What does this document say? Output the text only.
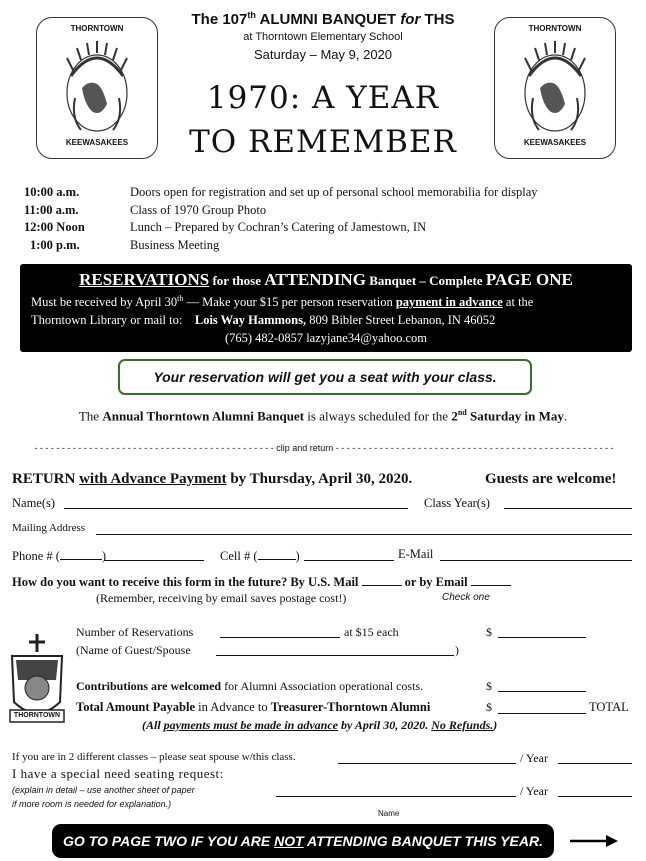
THORNTOWN
KEEWASAKEES
THORNTOWN
KEEWASAKEES
The 107th ALUMNI BANQUET for THS
at Thorntown Elementary School
Saturday – May 9, 2020
1970: A YEAR
TO REMEMBER
10:00 a.m.	Doors open for registration and set up of personal school memorabilia for display
11:00 a.m.	Class of 1970 Group Photo
12:00 Noon	Lunch – Prepared by Cochran’s Catering of Jamestown, IN
1:00 p.m.	Business Meeting
RESERVATIONS for those ATTENDING Banquet – Complete PAGE ONE
Must be received by April 30th — Make your $15 per person reservation payment in advance at the
Thorntown Library or mail to: Lois Way Hammons, 809 Bibler Street Lebanon, IN 46052
(765) 482-0857 lazyjane34@yahoo.com
Your reservation will get you a seat with your class.
The Annual Thorntown Alumni Banquet is always scheduled for the 2nd Saturday in May.
- - - - - - - - - - - - - - - - - - - - - - - - - - - - - - - - - - - - - - - - - - - - clip and return - - - - - - - - - - - - - - - - - - - - - - - - - - - - - - - - - - - - - - - - - - - - - - - - - - -
RETURN with Advance Payment by Thursday, April 30, 2020.	Guests are welcome!
Name(s)	Class Year(s)
Mailing Address
Phone # (	)	Cell # (	)	E-Mail
How do you want to receive this form in the future? By U.S. Mail	or by Email
(Remember, receiving by email saves postage cost!)	Check one
THORNTOWN
Number of Reservations	at $15 each	$
(Name of Guest/Spouse	)
Contributions are welcomed for Alumni Association operational costs.	$
Total Amount Payable in Advance to Treasurer-Thorntown Alumni	$	TOTAL
(All payments must be made in advance by April 30, 2020. No Refunds.)
If you are in 2 different classes – please seat spouse w/this class.	/ Year
I have a special need seating request:
(explain in detail – use another sheet of paper
if more room is needed for explanation.)
/ Year
Name
GO TO PAGE TWO IF YOU ARE NOT ATTENDING BANQUET THIS YEAR.
